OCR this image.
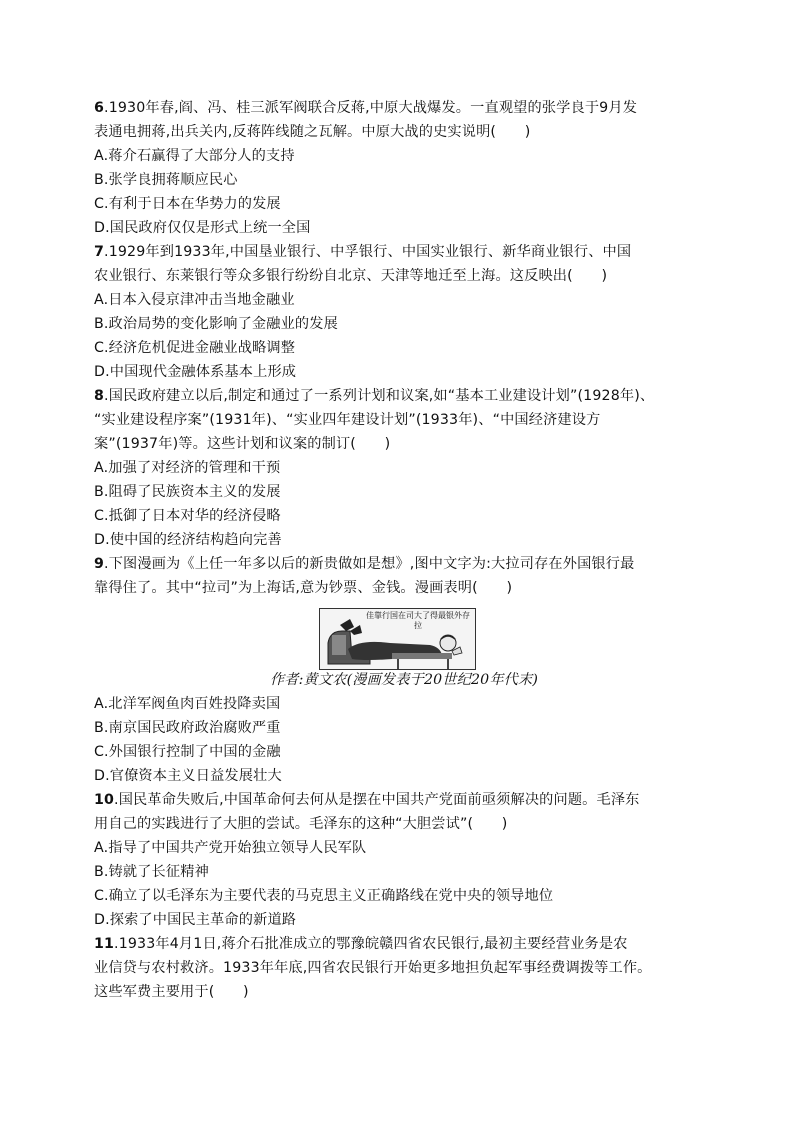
6.1930年春,阎、冯、桂三派军阀联合反蒋,中原大战爆发。一直观望的张学良于9月发
表通电拥蒋,出兵关内,反蒋阵线随之瓦解。中原大战的史实说明(　　)
A.蒋介石赢得了大部分人的支持
B.张学良拥蒋顺应民心
C.有利于日本在华势力的发展
D.国民政府仅仅是形式上统一全国
7.1929年到1933年,中国垦业银行、中孚银行、中国实业银行、新华商业银行、中国
农业银行、东莱银行等众多银行纷纷自北京、天津等地迁至上海。这反映出(　　)
A.日本入侵京津冲击当地金融业
B.政治局势的变化影响了金融业的发展
C.经济危机促进金融业战略调整
D.中国现代金融体系基本上形成
8.国民政府建立以后,制定和通过了一系列计划和议案,如“基本工业建设计划”(1928年)、
“实业建设程序案”(1931年)、“实业四年建设计划”(1933年)、“中国经济建设方
案”(1937年)等。这些计划和议案的制订(　　)
A.加强了对经济的管理和干预
B.阻碍了民族资本主义的发展
C.抵御了日本对华的经济侵略
D.使中国的经济结构趋向完善
9.下图漫画为《上任一年多以后的新贵做如是想》,图中文字为:大拉司存在外国银行最
靠得住了。其中“拉司”为上海话,意为钞票、金钱。漫画表明(　　)
佳靠行国在司大了得最银外存拉
作者:黄文农(漫画发表于20世纪20年代末)
A.北洋军阀鱼肉百姓投降卖国
B.南京国民政府政治腐败严重
C.外国银行控制了中国的金融
D.官僚资本主义日益发展壮大
10.国民革命失败后,中国革命何去何从是摆在中国共产党面前亟须解决的问题。毛泽东
用自己的实践进行了大胆的尝试。毛泽东的这种“大胆尝试”(　　)
A.指导了中国共产党开始独立领导人民军队
B.铸就了长征精神
C.确立了以毛泽东为主要代表的马克思主义正确路线在党中央的领导地位
D.探索了中国民主革命的新道路
11.1933年4月1日,蒋介石批准成立的鄂豫皖赣四省农民银行,最初主要经营业务是农
业信贷与农村救济。1933年年底,四省农民银行开始更多地担负起军事经费调拨等工作。
这些军费主要用于(　　)
